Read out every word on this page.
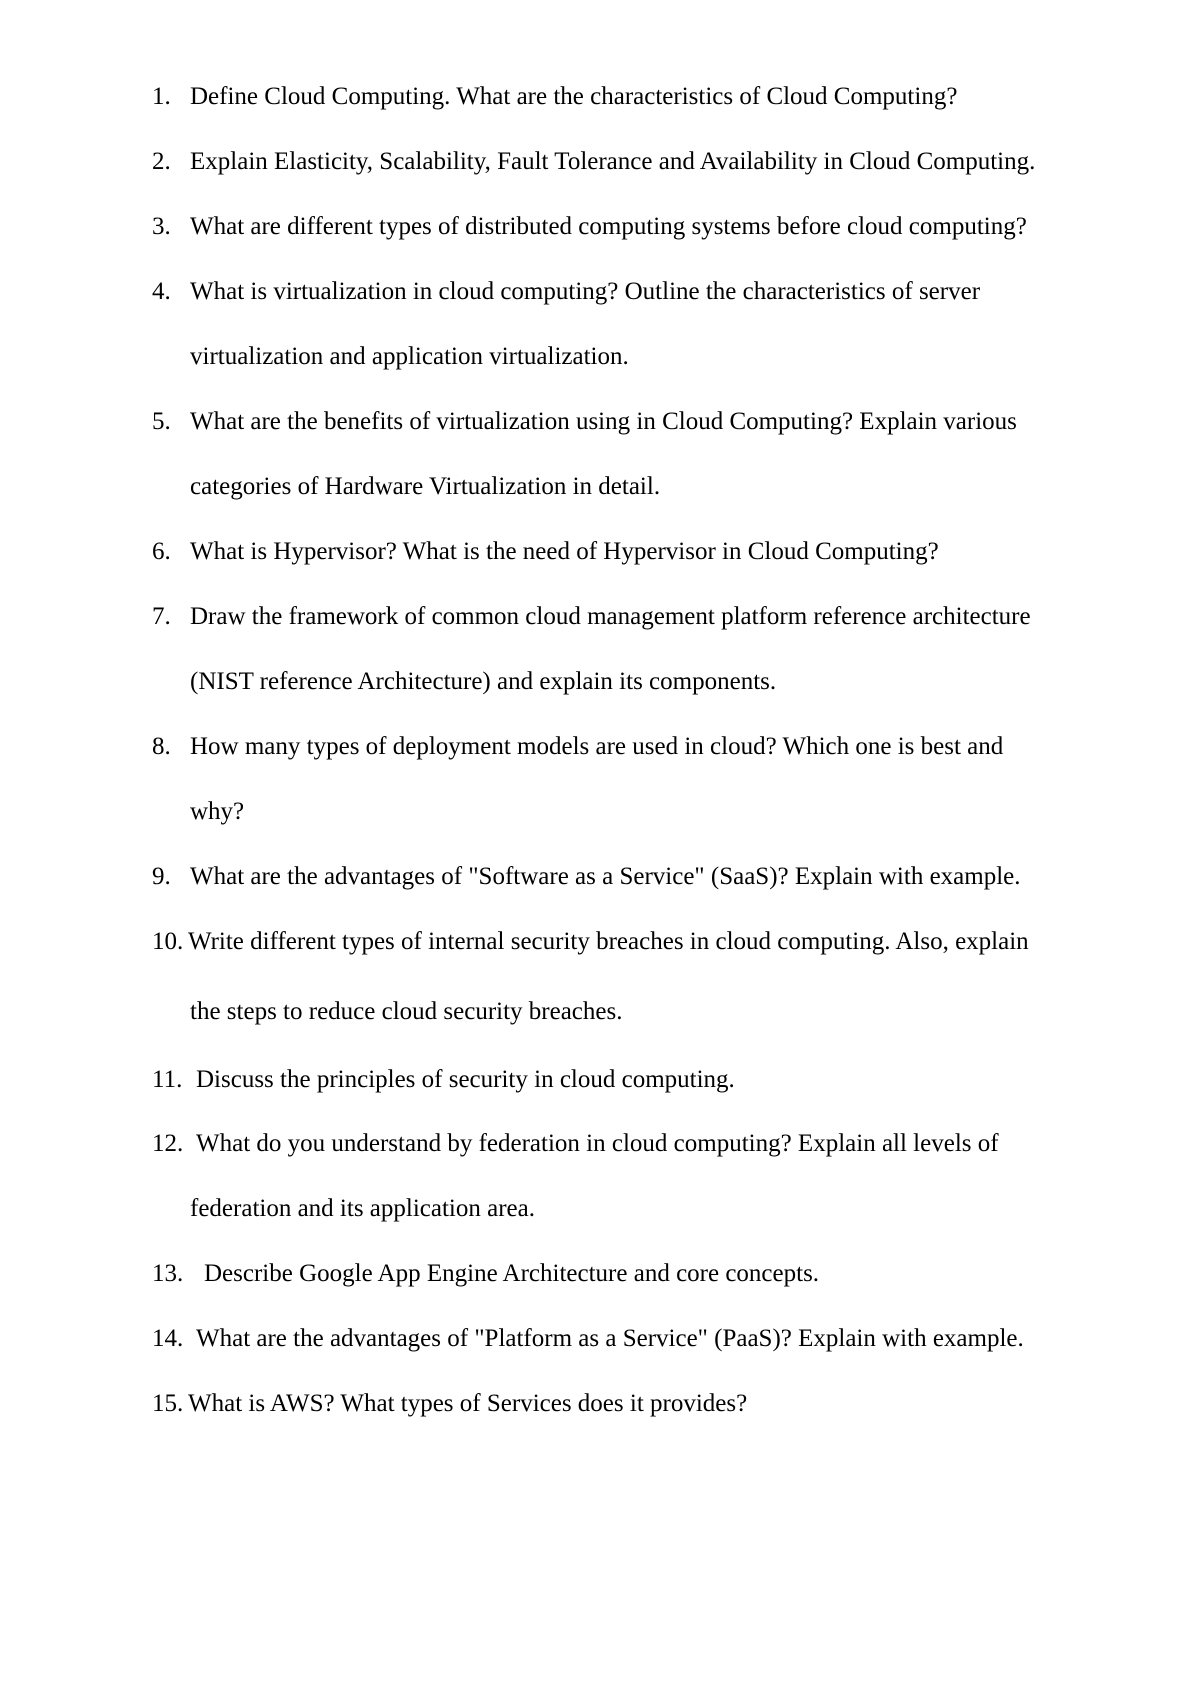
1. Define Cloud Computing. What are the characteristics of Cloud Computing?
2. Explain Elasticity, Scalability, Fault Tolerance and Availability in Cloud Computing.
3. What are different types of distributed computing systems before cloud computing?
4. What is virtualization in cloud computing? Outline the characteristics of server
virtualization and application virtualization.
5. What are the benefits of virtualization using in Cloud Computing? Explain various
categories of Hardware Virtualization in detail.
6. What is Hypervisor? What is the need of Hypervisor in Cloud Computing?
7. Draw the framework of common cloud management platform reference architecture
(NIST reference Architecture) and explain its components.
8. How many types of deployment models are used in cloud? Which one is best and
why?
9. What are the advantages of "Software as a Service" (SaaS)? Explain with example.
10. Write different types of internal security breaches in cloud computing. Also, explain
the steps to reduce cloud security breaches.
11. Discuss the principles of security in cloud computing.
12. What do you understand by federation in cloud computing? Explain all levels of
federation and its application area.
13. Describe Google App Engine Architecture and core concepts.
14. What are the advantages of "Platform as a Service" (PaaS)? Explain with example.
15. What is AWS? What types of Services does it provides?
